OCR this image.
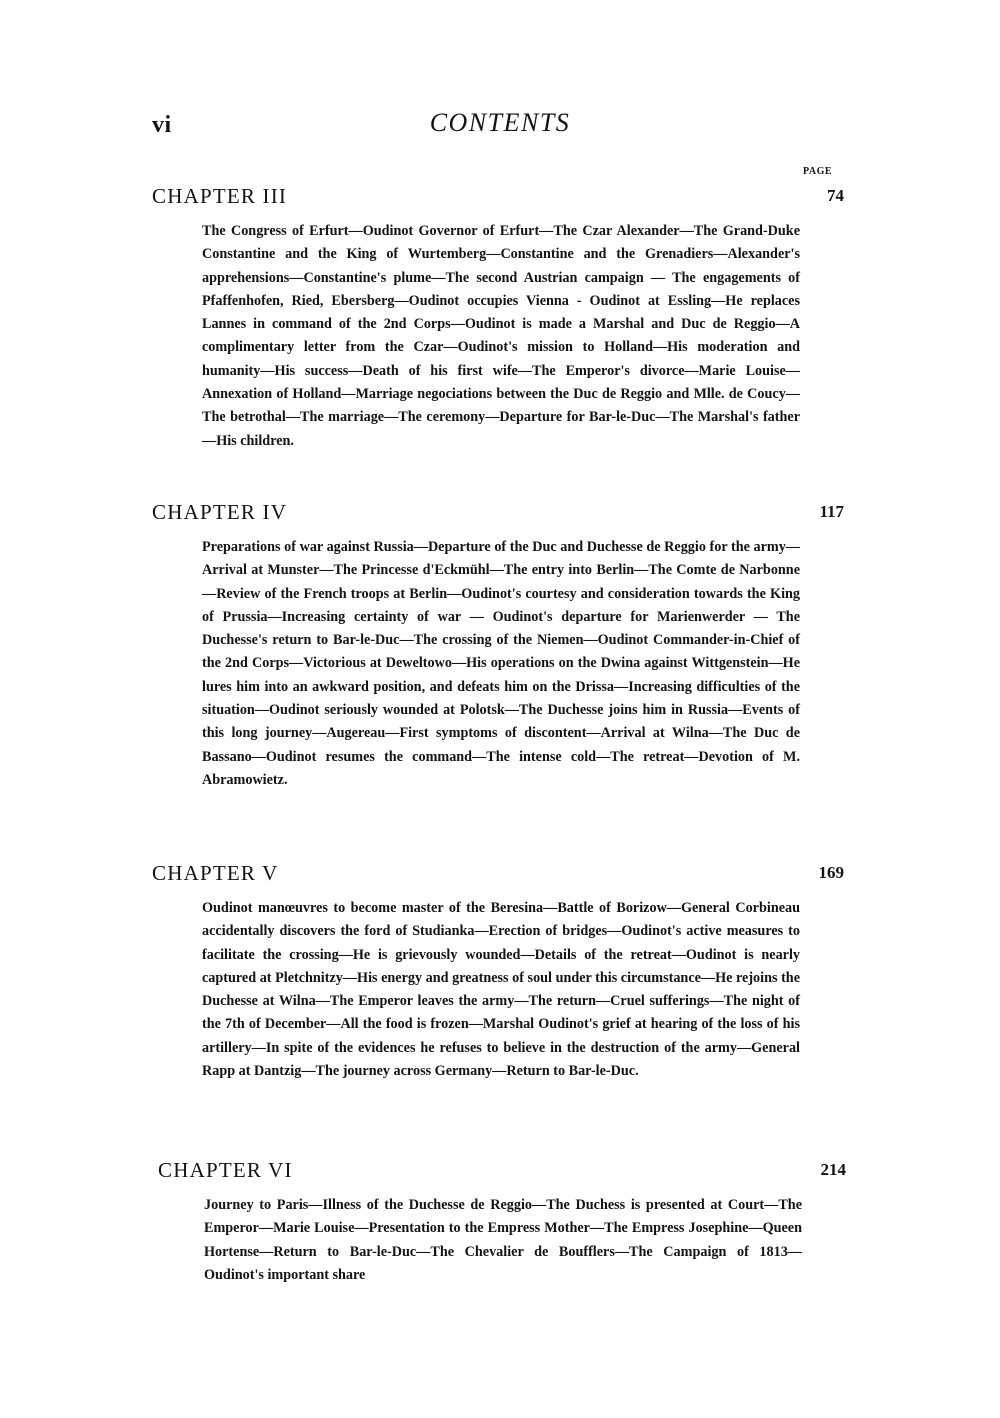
vi	CONTENTS
PAGE
CHAPTER III	74

The Congress of Erfurt—Oudinot Governor of Erfurt—The Czar Alexander—The Grand-Duke Constantine and the King of Wurtemberg—Constantine and the Grenadiers—Alexander's apprehensions—Constantine's plume—The second Austrian campaign — The engagements of Pfaffenhofen, Ried, Ebersberg—Oudinot occupies Vienna - Oudinot at Essling—He replaces Lannes in command of the 2nd Corps—Oudinot is made a Marshal and Duc de Reggio—A complimentary letter from the Czar—Oudinot's mission to Holland—His moderation and humanity—His success—Death of his first wife—The Emperor's divorce—Marie Louise—Annexation of Holland—Marriage negociations between the Duc de Reggio and Mlle. de Coucy—The betrothal—The marriage—The ceremony—Departure for Bar-le-Duc—The Marshal's father—His children.

CHAPTER IV	117

Preparations of war against Russia—Departure of the Duc and Duchesse de Reggio for the army—Arrival at Munster—The Princesse d'Eckmühl—The entry into Berlin—The Comte de Narbonne—Review of the French troops at Berlin—Oudinot's courtesy and consideration towards the King of Prussia—Increasing certainty of war — Oudinot's departure for Marienwerder — The Duchesse's return to Bar-le-Duc—The crossing of the Niemen—Oudinot Commander-in-Chief of the 2nd Corps—Victorious at Deweltowo—His operations on the Dwina against Wittgenstein—He lures him into an awkward position, and defeats him on the Drissa—Increasing difficulties of the situation—Oudinot seriously wounded at Polotsk—The Duchesse joins him in Russia—Events of this long journey—Augereau—First symptoms of discontent—Arrival at Wilna—The Duc de Bassano—Oudinot resumes the command—The intense cold—The retreat—Devotion of M. Abramowietz.

CHAPTER V	169

Oudinot manœuvres to become master of the Beresina—Battle of Borizow—General Corbineau accidentally discovers the ford of Studianka—Erection of bridges—Oudinot's active measures to facilitate the crossing—He is grievously wounded—Details of the retreat—Oudinot is nearly captured at Pletchnitzy—His energy and greatness of soul under this circumstance—He rejoins the Duchesse at Wilna—The Emperor leaves the army—The return—Cruel sufferings—The night of the 7th of December—All the food is frozen—Marshal Oudinot's grief at hearing of the loss of his artillery—In spite of the evidences he refuses to believe in the destruction of the army—General Rapp at Dantzig—The journey across Germany—Return to Bar-le-Duc.

CHAPTER VI	214

Journey to Paris—Illness of the Duchesse de Reggio—The Duchess is presented at Court—The Emperor—Marie Louise—Presentation to the Empress Mother—The Empress Josephine—Queen Hortense—Return to Bar-le-Duc—The Chevalier de Boufflers—The Campaign of 1813—Oudinot's important share
